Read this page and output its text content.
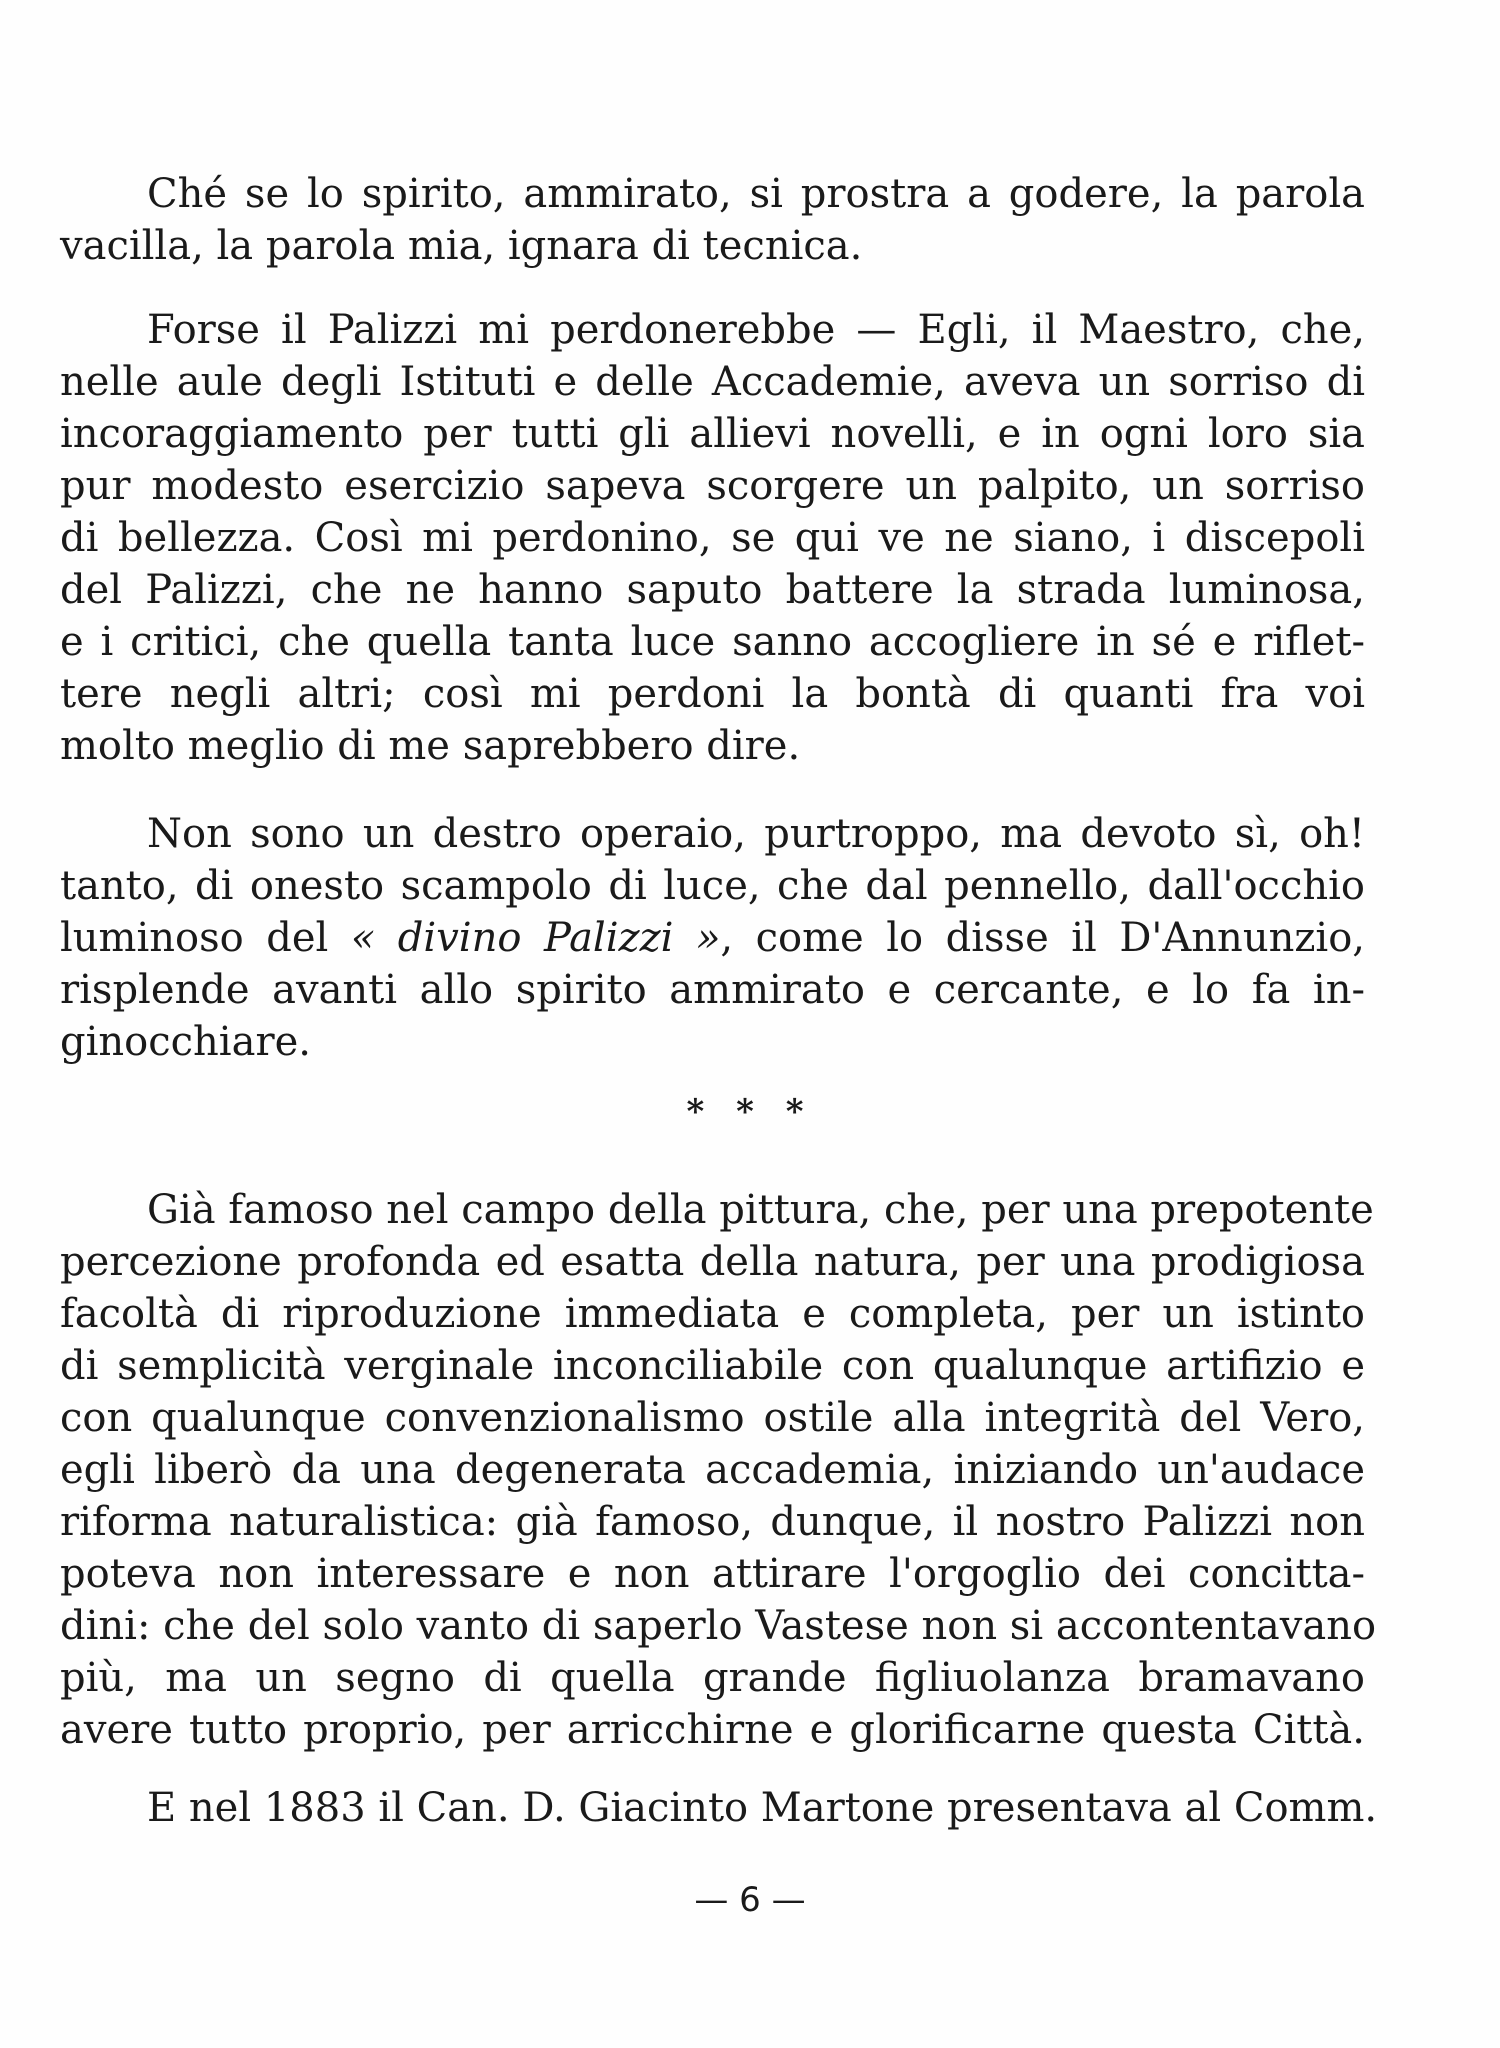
Ché se lo spirito, ammirato, si prostra a godere, la parola
vacilla, la parola mia, ignara di tecnica.
Forse il Palizzi mi perdonerebbe — Egli, il Maestro, che,
nelle aule degli Istituti e delle Accademie, aveva un sorriso di
incoraggiamento per tutti gli allievi novelli, e in ogni loro sia
pur modesto esercizio sapeva scorgere un palpito, un sorriso
di bellezza. Così mi perdonino, se qui ve ne siano, i discepoli
del Palizzi, che ne hanno saputo battere la strada luminosa,
e i critici, che quella tanta luce sanno accogliere in sé e riflet-
tere negli altri; così mi perdoni la bontà di quanti fra voi
molto meglio di me saprebbero dire.
Non sono un destro operaio, purtroppo, ma devoto sì, oh!
tanto, di onesto scampolo di luce, che dal pennello, dall'occhio
luminoso del « divino Palizzi », come lo disse il D'Annunzio,
risplende avanti allo spirito ammirato e cercante, e lo fa in-
ginocchiare.
* * *
Già famoso nel campo della pittura, che, per una prepotente
percezione profonda ed esatta della natura, per una prodigiosa
facoltà di riproduzione immediata e completa, per un istinto
di semplicità verginale inconciliabile con qualunque artifizio e
con qualunque convenzionalismo ostile alla integrità del Vero,
egli liberò da una degenerata accademia, iniziando un'audace
riforma naturalistica: già famoso, dunque, il nostro Palizzi non
poteva non interessare e non attirare l'orgoglio dei concitta-
dini: che del solo vanto di saperlo Vastese non si accontentavano
più, ma un segno di quella grande figliuolanza bramavano
avere tutto proprio, per arricchirne e glorificarne questa Città.
E nel 1883 il Can. D. Giacinto Martone presentava al Comm.
— 6 —
